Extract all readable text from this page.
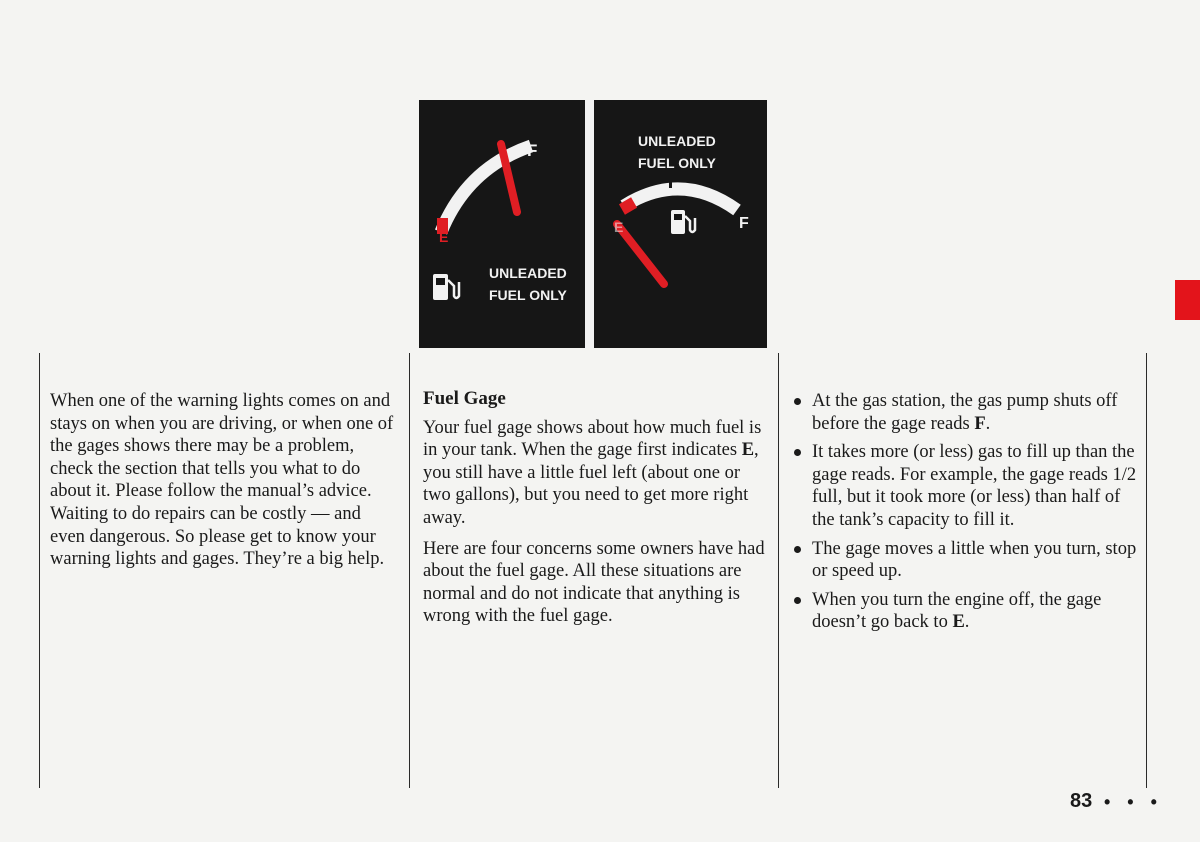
E
F
UNLEADED
FUEL ONLY
UNLEADED
FUEL ONLY
E	F

When one of the warning lights comes on and stays on when you are driving, or when one of the gages shows there may be a problem, check the section that tells you what to do about it. Please follow the manual’s advice. Waiting to do repairs can be costly — and even dangerous. So please get to know your warning lights and gages. They’re a big help.

Fuel Gage

Your fuel gage shows about how much fuel is in your tank. When the gage first indicates E, you still have a little fuel left (about one or two gallons), but you need to get more right away.

Here are four concerns some owners have had about the fuel gage. All these situations are normal and do not indicate that anything is wrong with the fuel gage.

At the gas station, the gas pump shuts off before the gage reads F.
It takes more (or less) gas to fill up than the gage reads. For example, the gage reads 1/2 full, but it took more (or less) than half of the tank’s capacity to fill it.
The gage moves a little when you turn, stop or speed up.
When you turn the engine off, the gage doesn’t go back to E.
83 • • •
